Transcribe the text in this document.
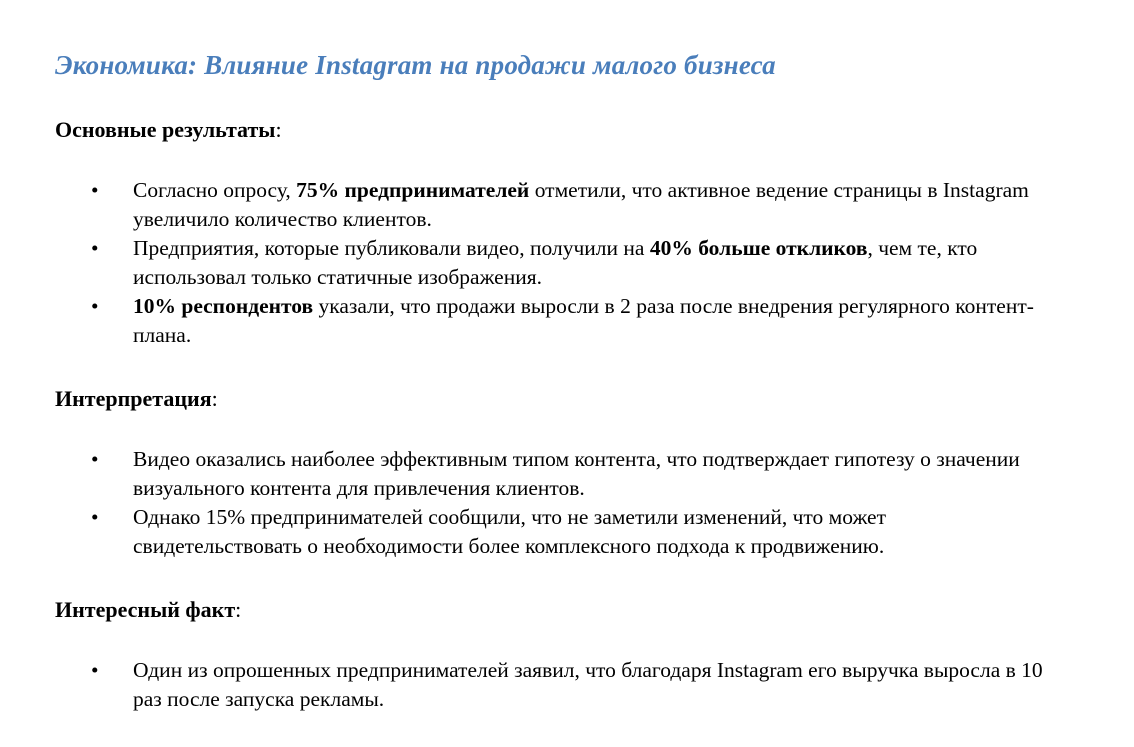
Экономика: Влияние Instagram на продажи малого бизнеса

Основные результаты:

• Согласно опросу, 75% предпринимателей отметили, что активное ведение страницы в Instagram увеличило количество клиентов.
• Предприятия, которые публиковали видео, получили на 40% больше откликов, чем те, кто использовал только статичные изображения.
• 10% респондентов указали, что продажи выросли в 2 раза после внедрения регулярного контент-плана.

Интерпретация:

• Видео оказались наиболее эффективным типом контента, что подтверждает гипотезу о значении визуального контента для привлечения клиентов.
• Однако 15% предпринимателей сообщили, что не заметили изменений, что может свидетельствовать о необходимости более комплексного подхода к продвижению.

Интересный факт:

• Один из опрошенных предпринимателей заявил, что благодаря Instagram его выручка выросла в 10 раз после запуска рекламы.
